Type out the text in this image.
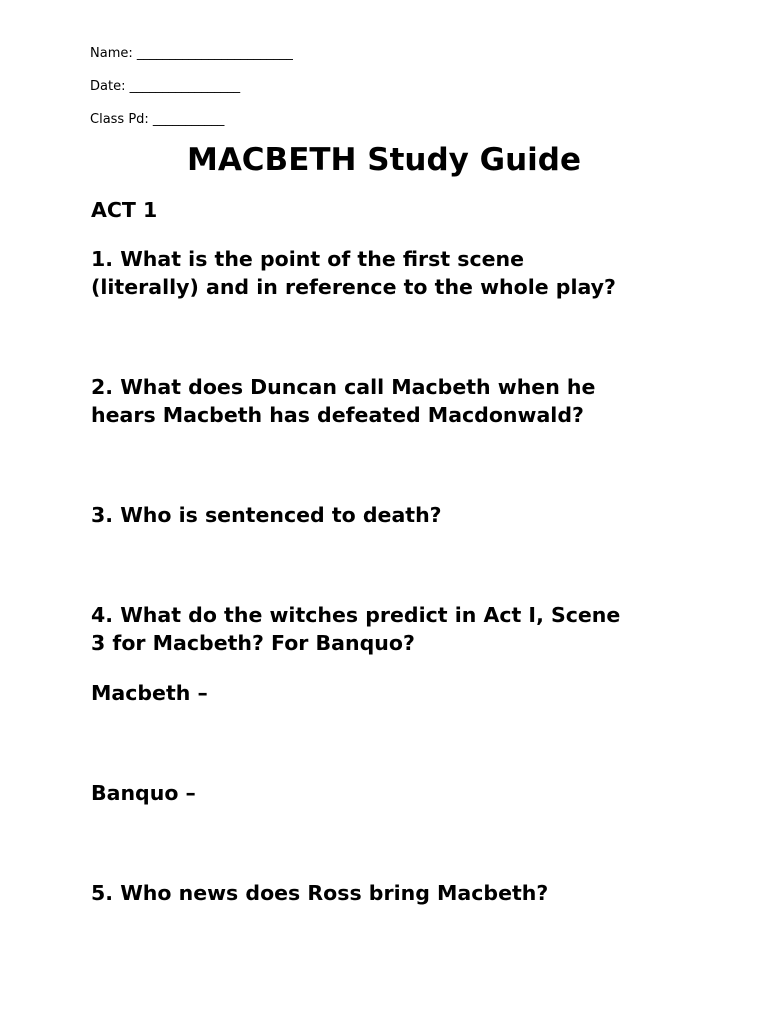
Name: ________________________
Date: _________________
Class Pd: ___________
MACBETH Study Guide
ACT 1
1. What is the point of the first scene
(literally) and in reference to the whole play?
2. What does Duncan call Macbeth when he
hears Macbeth has defeated Macdonwald?
3. Who is sentenced to death?
4. What do the witches predict in Act I, Scene
3 for Macbeth? For Banquo?
Macbeth –
Banquo –
5. Who news does Ross bring Macbeth?
